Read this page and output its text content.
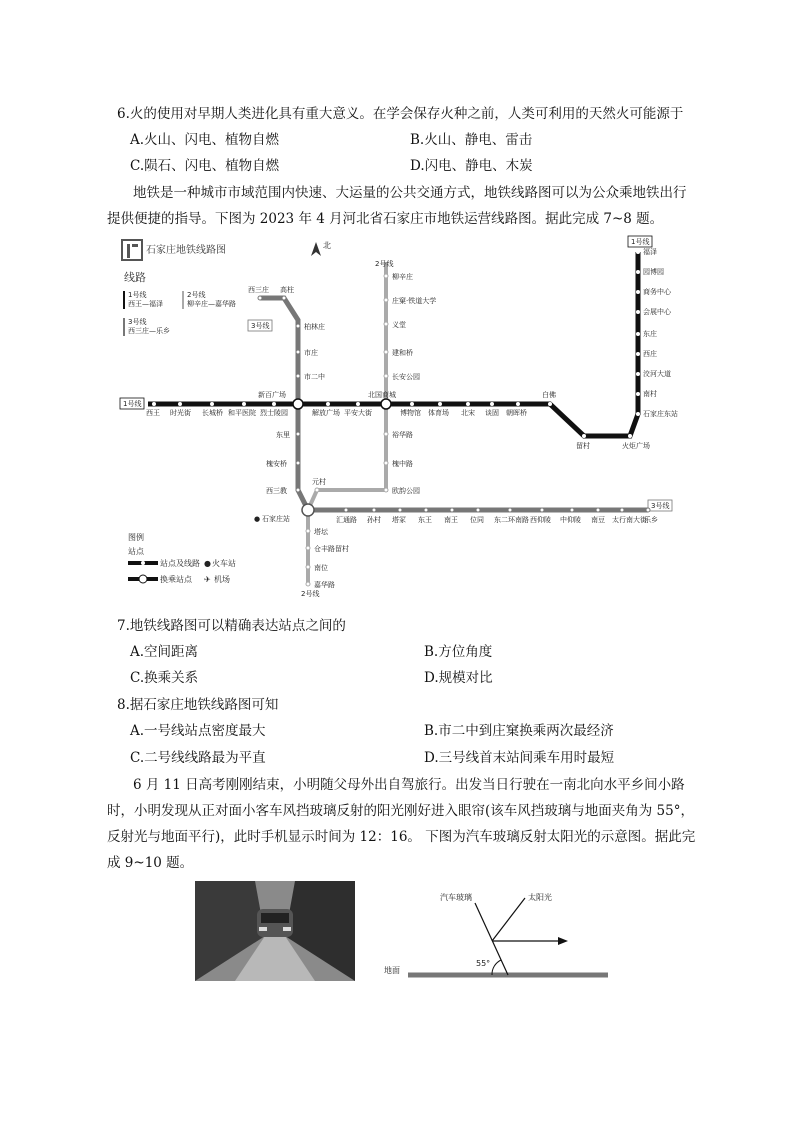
6.火的使用对早期人类进化具有重大意义。在学会保存火种之前，人类可利用的天然火可能源于
A.火山、闪电、植物自燃	B.火山、静电、雷击
C.陨石、闪电、植物自燃	D.闪电、静电、木炭
地铁是一种城市市域范围内快速、大运量的公共交通方式，地铁线路图可以为公众乘地铁出行提供便捷的指导。下图为 2023 年 4 月河北省石家庄市地铁运营线路图。据此完成 7~8 题。
石家庄地铁线路图	北
线路
1号线
西王—福泽
2号线
柳辛庄—嘉华路
3号线
西三庄—乐乡
1号线
1号线
2号线
2号线
3号线
3号线
西王 时光街 长城桥 和平医院 烈士陵园
新百广场
解放广场 平安大街
北国商城
博物馆 体育场 北宋 谈固 朝晖桥
白佛
留村	火炬广场
石家庄东站
南村
洨河大道
西庄
东庄
会展中心
商务中心
园博园
福泽
柳辛庄
庄窠·铁道大学
义堂
建和桥
长安公园
裕华路
槐中路
欧韵公园
元村
塔坛
仓丰路留村
南位
嘉华路
西三庄 高柱
柏林庄
市庄
市二中
东里
槐安桥
西三教
汇通路 孙村 塔冢 东王 南王 位同 东二环南路 西仰陵 中仰陵 南豆 太行南大街
乐乡
石家庄站
●
图例
站点
站点及线路 ● 火车站
换乘站点 ✈ 机场
7.地铁线路图可以精确表达站点之间的
A.空间距离	B.方位角度
C.换乘关系	D.规模对比
8.据石家庄地铁线路图可知
A.一号线站点密度最大	B.市二中到庄窠换乘两次最经济
C.二号线线路最为平直	D.三号线首末站间乘车用时最短
6 月 11 日高考刚刚结束，小明随父母外出自驾旅行。出发当日行驶在一南北向水平乡间小路时，小明发现从正对面小客车风挡玻璃反射的阳光刚好进入眼帘(该车风挡玻璃与地面夹角为 55°，反射光与地面平行)，此时手机显示时间为 12：16。 下图为汽车玻璃反射太阳光的示意图。据此完成 9~10 题。
汽车玻璃	太阳光
地面
55°
